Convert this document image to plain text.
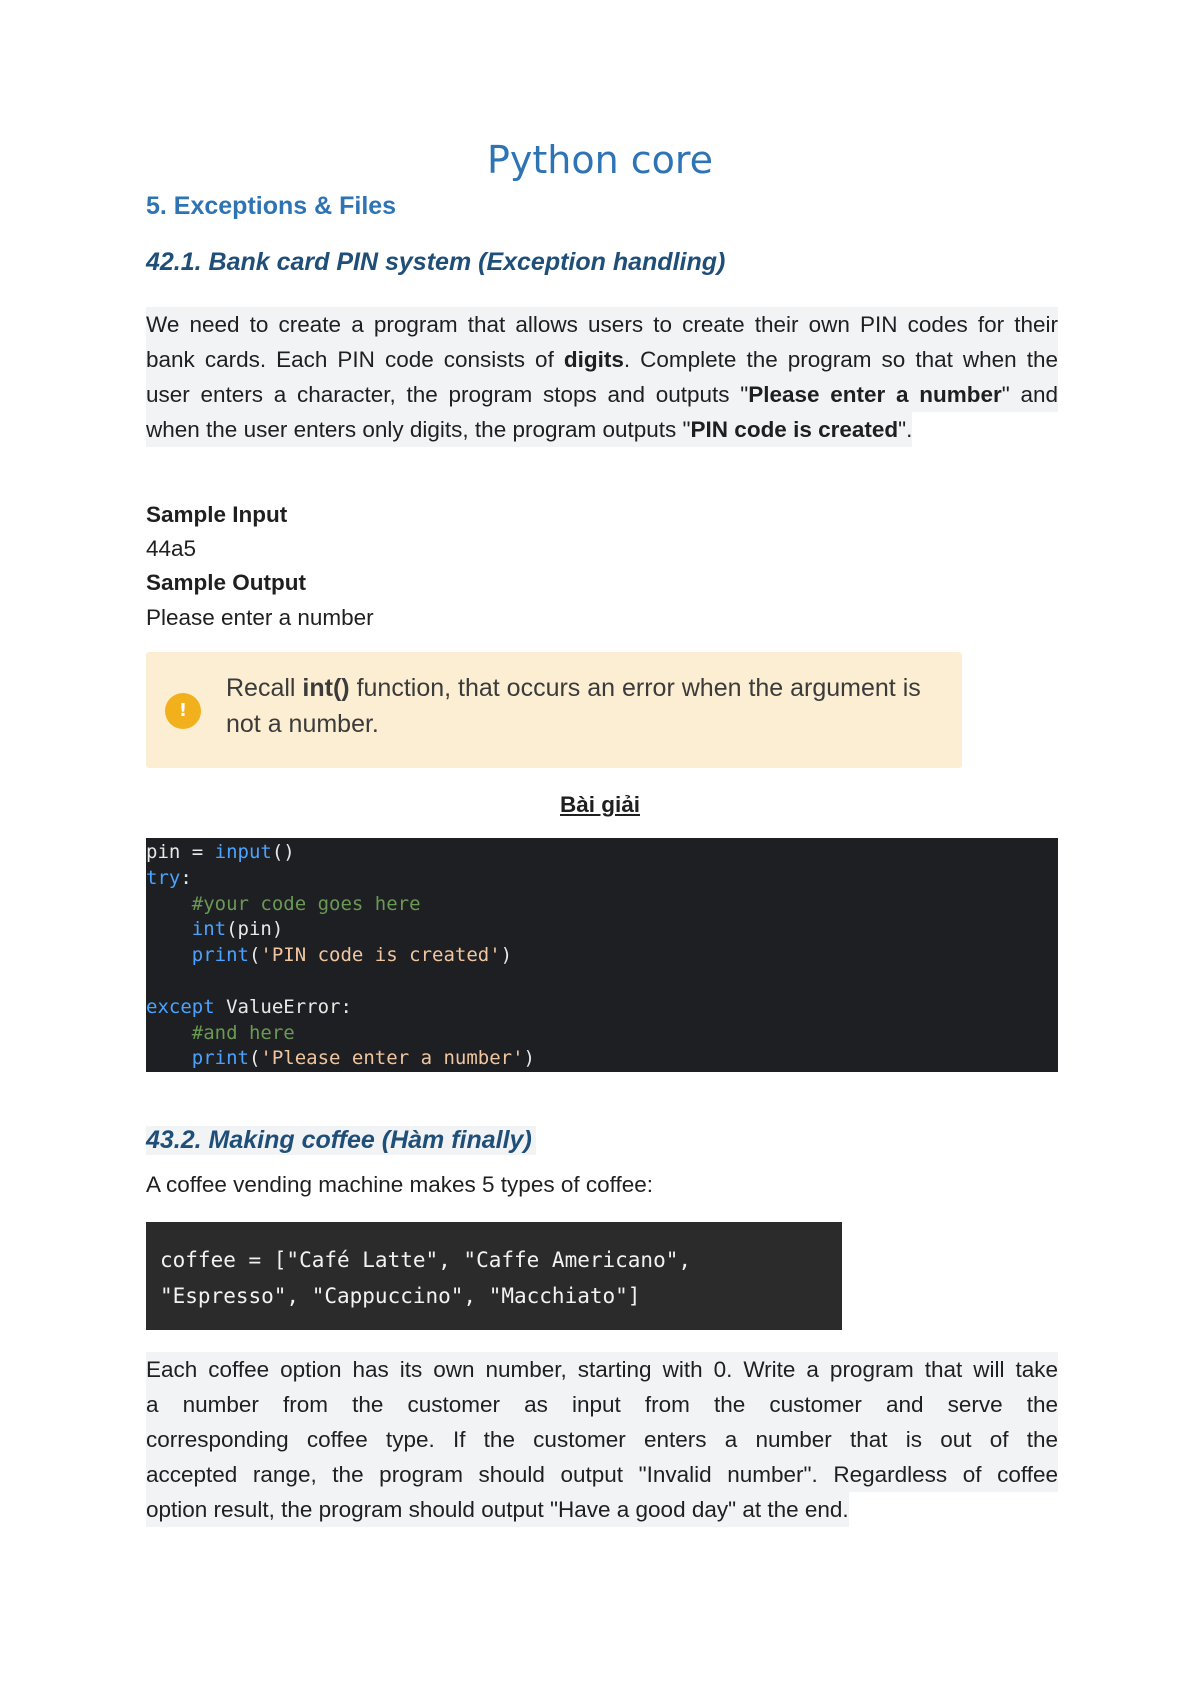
Python core
5. Exceptions & Files
42.1. Bank card PIN system (Exception handling)
We need to create a program that allows users to create their own PIN codes for their
bank cards. Each PIN code consists of digits. Complete the program so that when the
user enters a character, the program stops and outputs "Please enter a number" and
when the user enters only digits, the program outputs "PIN code is created".
Sample Input
44a5
Sample Output
Please enter a number
!
Recall int() function, that occurs an error when the argument is not a number.
Bài giải
pin = input()
try:
#your code goes here
int(pin)
print('PIN code is created')

except ValueError:
#and here
print('Please enter a number')
43.2. Making coffee (Hàm finally)
A coffee vending machine makes 5 types of coffee:
coffee = ["Café Latte", "Caffe Americano",
"Espresso", "Cappuccino", "Macchiato"]
Each coffee option has its own number, starting with 0. Write a program that will take
a number from the customer as input from the customer and serve the
corresponding coffee type. If the customer enters a number that is out of the
accepted range, the program should output "Invalid number". Regardless of coffee
option result, the program should output "Have a good day" at the end.
